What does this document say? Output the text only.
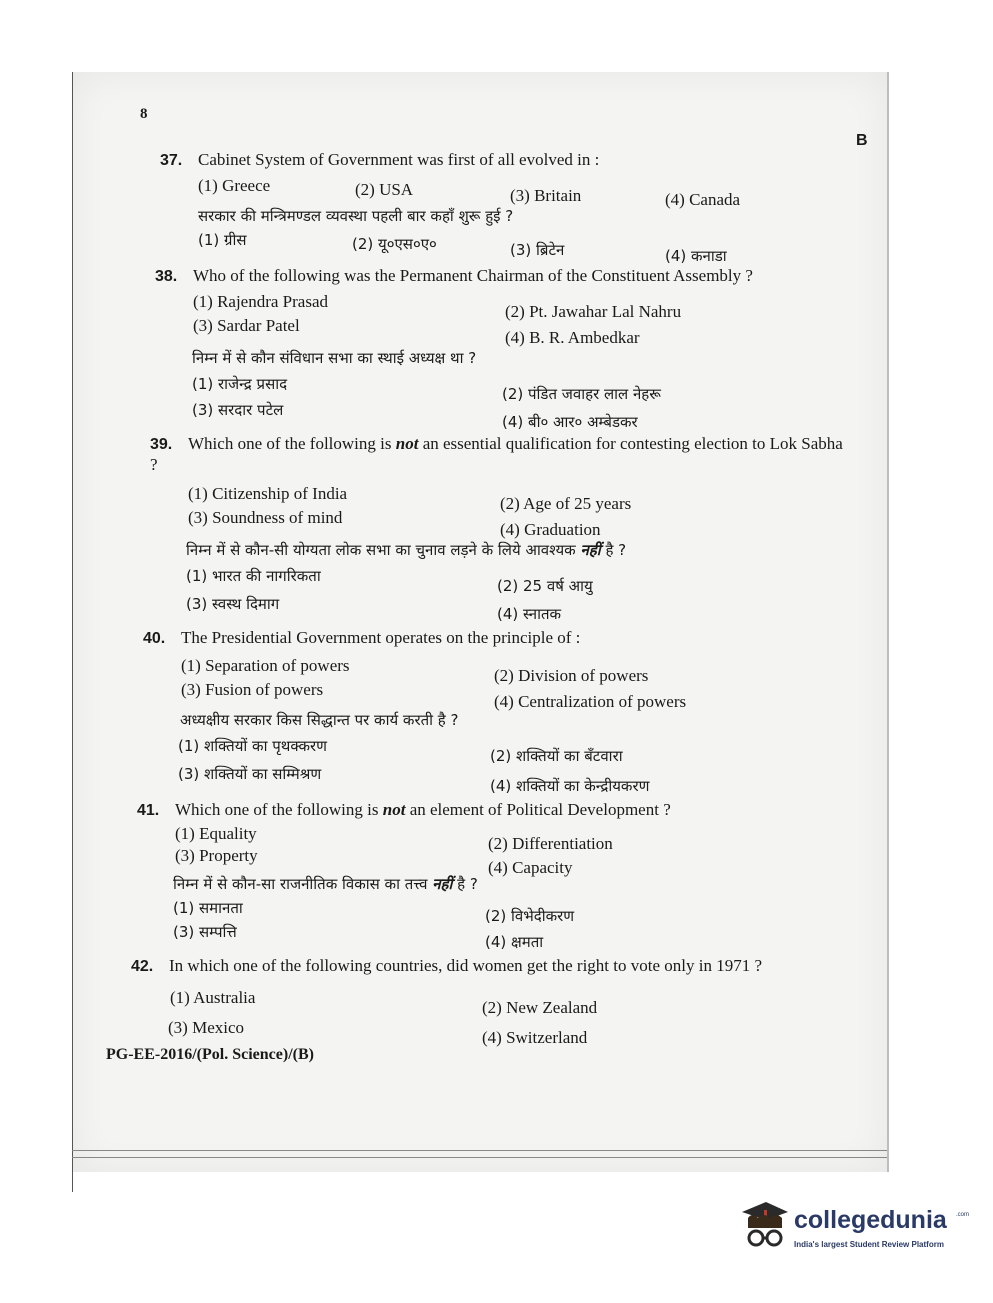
8
B
37. Cabinet System of Government was first of all evolved in :
(1) Greece	(2) USA	(3) Britain	(4) Canada
सरकार की मन्त्रिमण्डल व्यवस्था पहली बार कहाँ शुरू हुई ?
(1) ग्रीस	(2) यू०एस०ए०	(3) ब्रिटेन	(4) कनाडा
38. Who of the following was the Permanent Chairman of the Constituent Assembly ?
(1) Rajendra Prasad
(2) Pt. Jawahar Lal Nahru
(3) Sardar Patel
(4) B. R. Ambedkar
निम्न में से कौन संविधान सभा का स्थाई अध्यक्ष था ?
(1) राजेन्द्र प्रसाद
(2) पंडित जवाहर लाल नेहरू
(3) सरदार पटेल
(4) बी० आर० अम्बेडकर
39. Which one of the following is not an essential qualification for contesting election to Lok Sabha ?
(1) Citizenship of India
(2) Age of 25 years
(3) Soundness of mind
(4) Graduation
निम्न में से कौन-सी योग्यता लोक सभा का चुनाव लड़ने के लिये आवश्यक नहीं है ?
(1) भारत की नागरिकता
(2) 25 वर्ष आयु
(3) स्वस्थ दिमाग
(4) स्नातक
40. The Presidential Government operates on the principle of :
(1) Separation of powers
(2) Division of powers
(3) Fusion of powers
(4) Centralization of powers
अध्यक्षीय सरकार किस सिद्धान्त पर कार्य करती है ?
(1) शक्तियों का पृथक्करण
(2) शक्तियों का बँटवारा
(3) शक्तियों का सम्मिश्रण
(4) शक्तियों का केन्द्रीयकरण
41. Which one of the following is not an element of Political Development ?
(1) Equality
(2) Differentiation
(3) Property
(4) Capacity
निम्न में से कौन-सा राजनीतिक विकास का तत्त्व नहीं है ?
(1) समानता	(2) विभेदीकरण
(3) सम्पत्ति
(4) क्षमता
42. In which one of the following countries, did women get the right to vote only in 1971 ?
(1) Australia
(2) New Zealand
(3) Mexico
(4) Switzerland
PG-EE-2016/(Pol. Science)/(B)
collegedunia .com
India's largest Student Review Platform
